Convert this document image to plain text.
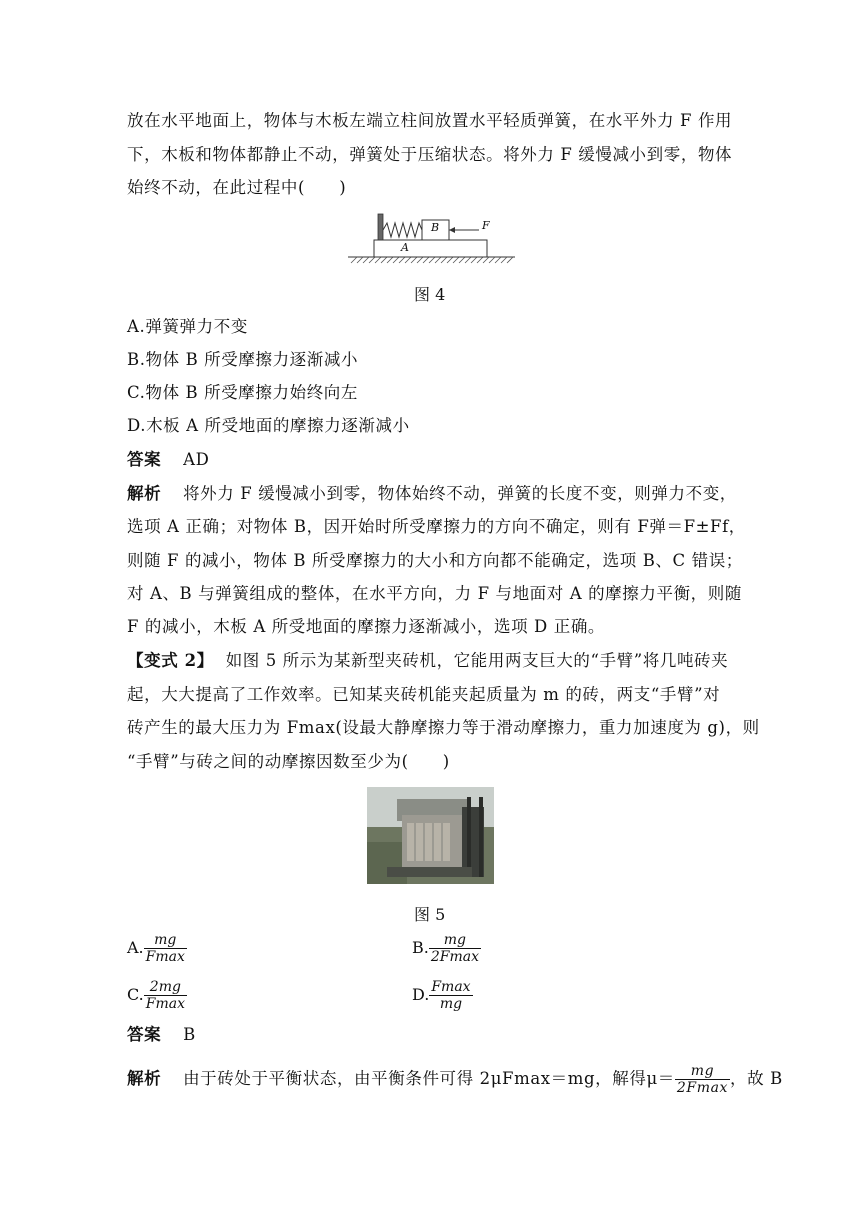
放在水平地面上，物体与木板左端立柱间放置水平轻质弹簧，在水平外力 F 作用
下，木板和物体都静止不动，弹簧处于压缩状态。将外力 F 缓慢减小到零，物体
始终不动，在此过程中(　　)
B
A
F
图 4
A.弹簧弹力不变
B.物体 B 所受摩擦力逐渐减小
C.物体 B 所受摩擦力始终向左
D.木板 A 所受地面的摩擦力逐渐减小
答案 AD
解析 将外力 F 缓慢减小到零，物体始终不动，弹簧的长度不变，则弹力不变，
选项 A 正确；对物体 B，因开始时所受摩擦力的方向不确定，则有 F弹＝F±Ff，
则随 F 的减小，物体 B 所受摩擦力的大小和方向都不能确定，选项 B、C 错误；
对 A、B 与弹簧组成的整体，在水平方向，力 F 与地面对 A 的摩擦力平衡，则随
F 的减小，木板 A 所受地面的摩擦力逐渐减小，选项 D 正确。
【变式 2】 如图 5 所示为某新型夹砖机，它能用两支巨大的“手臂”将几吨砖夹
起，大大提高了工作效率。已知某夹砖机能夹起质量为 m 的砖，两支“手臂”对
砖产生的最大压力为 Fmax(设最大静摩擦力等于滑动摩擦力，重力加速度为 g)，则
“手臂”与砖之间的动摩擦因数至少为(　　)
图 5
A. $\frac{mg}{Fmax}$	B. $\frac{mg}{2Fmax}$
C. $\frac{2mg}{Fmax}$	D. $\frac{Fmax}{mg}$
答案 B
解析 由于砖处于平衡状态，由平衡条件可得 2μFmax＝mg，解得$\mu= \frac{mg}{2Fmax}$ ，故 B
